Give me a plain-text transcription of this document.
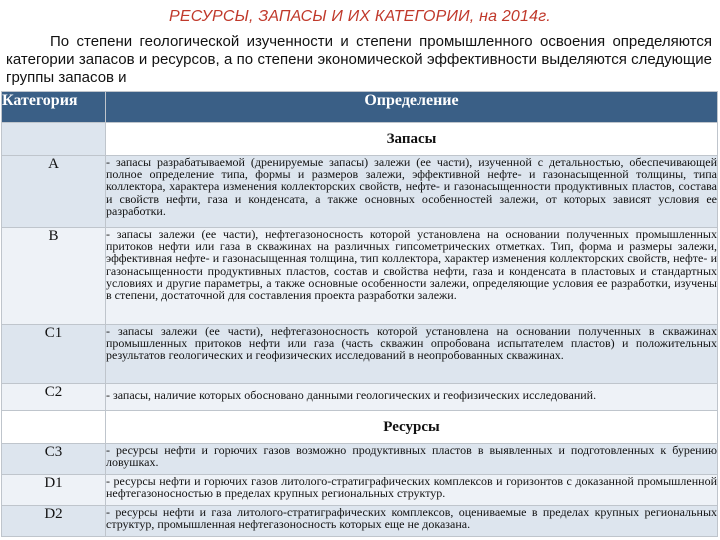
РЕСУРСЫ, ЗАПАСЫ И ИХ КАТЕГОРИИ, на 2014г.

По степени геологической изученности и степени промышленного освоения определяются категории запасов и ресурсов, а по степени экономической эффективности выделяются следующие группы запасов и

Категория	Определение
	Запасы
A	- запасы разрабатываемой (дренируемые запасы) залежи (ее части), изученной с детальностью, обеспечивающей полное определение типа, формы и размеров залежи, эффективной нефте- и газонасыщенной толщины, типа коллектора, характера изменения коллекторских свойств, нефте- и газонасыщенности продуктивных пластов, состава и свойств нефти, газа и конденсата, а также основных особенностей залежи, от которых зависят условия ее разработки.
B	- запасы залежи (ее части), нефтегазоносность которой установлена на основании полученных промышленных притоков нефти или газа в скважинах на различных гипсометрических отметках. Тип, форма и размеры залежи, эффективная нефте- и газонасыщенная толщина, тип коллектора, характер изменения коллекторских свойств, нефте- и газонасыщенности продуктивных пластов, состав и свойства нефти, газа и конденсата в пластовых и стандартных условиях и другие параметры, а также основные особенности залежи, определяющие условия ее разработки, изучены в степени, достаточной для составления проекта разработки залежи.
C1	- запасы залежи (ее части), нефтегазоносность которой установлена на основании полученных в скважинах промышленных притоков нефти или газа (часть скважин опробована испытателем пластов) и положительных результатов геологических и геофизических исследований в неопробованных скважинах.
C2	- запасы, наличие которых обосновано данными геологических и геофизических исследований.
	Ресурсы
C3	- ресурсы нефти и горючих газов возможно продуктивных пластов в выявленных и подготовленных к бурению ловушках.
D1	- ресурсы нефти и горючих газов литолого-стратиграфических комплексов и горизонтов с доказанной промышленной нефтегазоносностью в пределах крупных региональных структур.
D2	- ресурсы нефти и газа литолого-стратиграфических комплексов, оцениваемые в пределах крупных региональных структур, промышленная нефтегазоносность которых еще не доказана.
